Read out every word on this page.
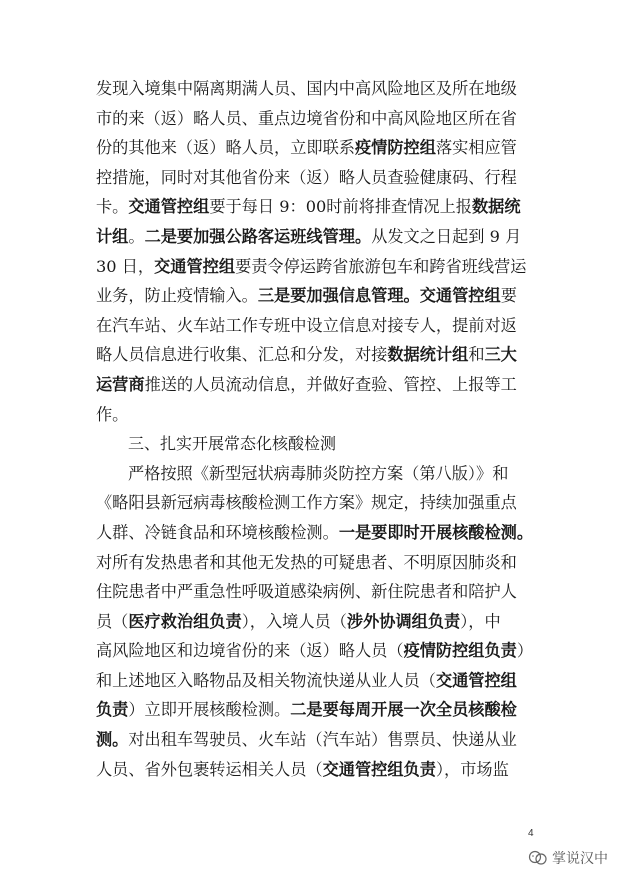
发现入境集中隔离期满人员、国内中高风险地区及所在地级
市的来（返）略人员、重点边境省份和中高风险地区所在省
份的其他来（返）略人员，立即联系疫情防控组落实相应管
控措施，同时对其他省份来（返）略人员查验健康码、行程
卡。交通管控组要于每日 9：00时前将排查情况上报数据统
计组。二是要加强公路客运班线管理。从发文之日起到 9 月
30 日，交通管控组要责令停运跨省旅游包车和跨省班线营运
业务，防止疫情输入。三是要加强信息管理。交通管控组要
在汽车站、火车站工作专班中设立信息对接专人，提前对返
略人员信息进行收集、汇总和分发，对接数据统计组和三大
运营商推送的人员流动信息，并做好查验、管控、上报等工
作。
三、扎实开展常态化核酸检测
严格按照《新型冠状病毒肺炎防控方案（第八版）》和
《略阳县新冠病毒核酸检测工作方案》规定，持续加强重点
人群、冷链食品和环境核酸检测。一是要即时开展核酸检测。
对所有发热患者和其他无发热的可疑患者、不明原因肺炎和
住院患者中严重急性呼吸道感染病例、新住院患者和陪护人
员（医疗救治组负责），入境人员（涉外协调组负责），中
高风险地区和边境省份的来（返）略人员（疫情防控组负责）
和上述地区入略物品及相关物流快递从业人员（交通管控组
负责）立即开展核酸检测。二是要每周开展一次全员核酸检
测。对出租车驾驶员、火车站（汽车站）售票员、快递从业
人员、省外包裹转运相关人员（交通管控组负责），市场监
4
掌说汉中
